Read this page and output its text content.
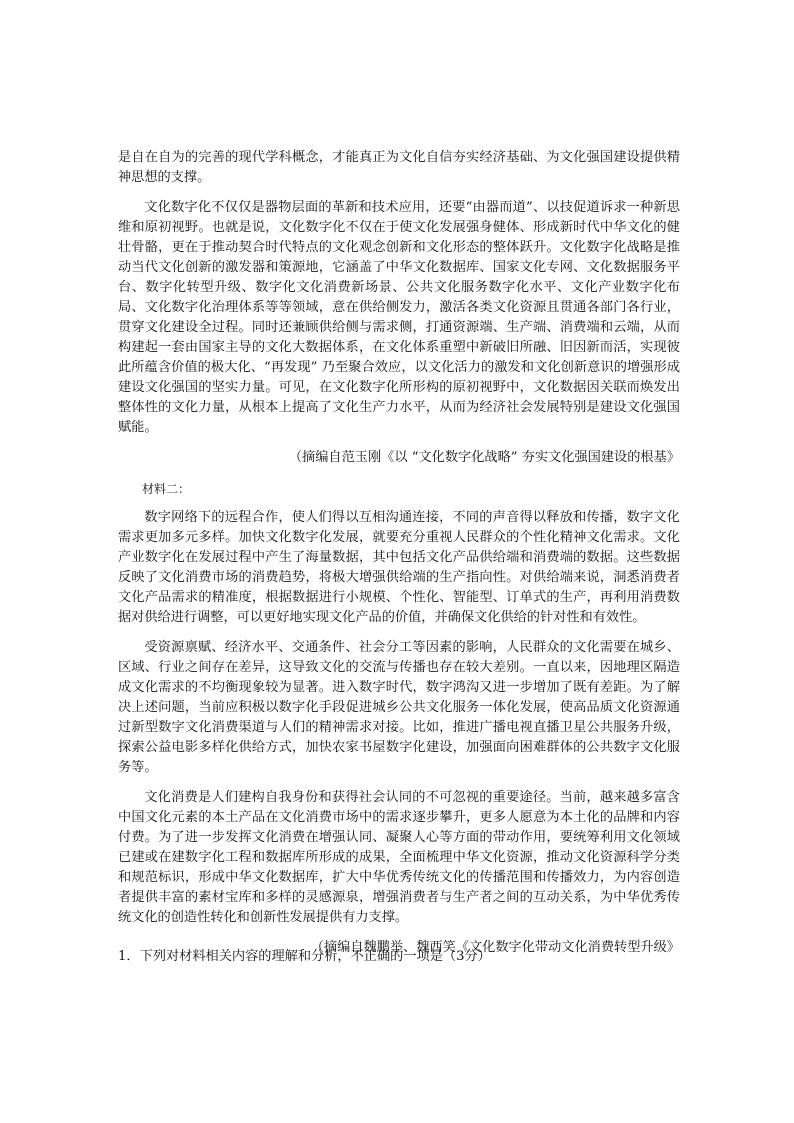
是自在自为的完善的现代学科概念，才能真正为文化自信夯实经济基础、为文化强国建设提供精神思想的支撑。

文化数字化不仅仅是器物层面的革新和技术应用，还要“由器而道”、以技促道诉求一种新思维和原初视野。也就是说，文化数字化不仅在于使文化发展强身健体、形成新时代中华文化的健壮骨骼，更在于推动契合时代特点的文化观念创新和文化形态的整体跃升。文化数字化战略是推动当代文化创新的激发器和策源地，它涵盖了中华文化数据库、国家文化专网、文化数据服务平台、数字化转型升级、数字化文化消费新场景、公共文化服务数字化水平、文化产业数字化布局、文化数字化治理体系等等领域，意在供给侧发力，激活各类文化资源且贯通各部门各行业，贯穿文化建设全过程。同时还兼顾供给侧与需求侧，打通资源端、生产端、消费端和云端，从而构建起一套由国家主导的文化大数据体系，在文化体系重塑中新破旧所融、旧因新而活，实现彼此所蕴含价值的极大化、“再发现” 乃至聚合效应，以文化活力的激发和文化创新意识的增强形成建设文化强国的坚实力量。可见，在文化数字化所形构的原初视野中，文化数据因关联而焕发出整体性的文化力量，从根本上提高了文化生产力水平，从而为经济社会发展特别是建设文化强国赋能。

（摘编自范玉刚《以 “文化数字化战略” 夯实文化强国建设的根基》

材料二：

数字网络下的远程合作，使人们得以互相沟通连接，不同的声音得以释放和传播，数字文化需求更加多元多样。加快文化数字化发展，就要充分重视人民群众的个性化精神文化需求。文化产业数字化在发展过程中产生了海量数据，其中包括文化产品供给端和消费端的数据。这些数据反映了文化消费市场的消费趋势，将极大增强供给端的生产指向性。对供给端来说，洞悉消费者文化产品需求的精准度，根据数据进行小规模、个性化、智能型、订单式的生产，再利用消费数据对供给进行调整，可以更好地实现文化产品的价值，并确保文化供给的针对性和有效性。

受资源禀赋、经济水平、交通条件、社会分工等因素的影响，人民群众的文化需要在城乡、区域、行业之间存在差异，这导致文化的交流与传播也存在较大差别。一直以来，因地理区隔造成文化需求的不均衡现象较为显著。进入数字时代，数字鸿沟又进一步增加了既有差距。为了解决上述问题，当前应积极以数字化手段促进城乡公共文化服务一体化发展，使高品质文化资源通过新型数字文化消费渠道与人们的精神需求对接。比如，推进广播电视直播卫星公共服务升级，探索公益电影多样化供给方式，加快农家书屋数字化建设，加强面向困难群体的公共数字文化服务等。

文化消费是人们建构自我身份和获得社会认同的不可忽视的重要途径。当前，越来越多富含中国文化元素的本土产品在文化消费市场中的需求逐步攀升，更多人愿意为本土化的品牌和内容付费。为了进一步发挥文化消费在增强认同、凝聚人心等方面的带动作用，要统筹利用文化领域已建或在建数字化工程和数据库所形成的成果，全面梳理中华文化资源，推动文化资源科学分类和规范标识，形成中华文化数据库，扩大中华优秀传统文化的传播范围和传播效力，为内容创造者提供丰富的素材宝库和多样的灵感源泉，增强消费者与生产者之间的互动关系，为中华优秀传统文化的创造性转化和创新性发展提供有力支撑。

（摘编自魏鹏举、魏西笑《文化数字化带动文化消费转型升级》

1．下列对材料相关内容的理解和分析，不正确的一项是（3分）
